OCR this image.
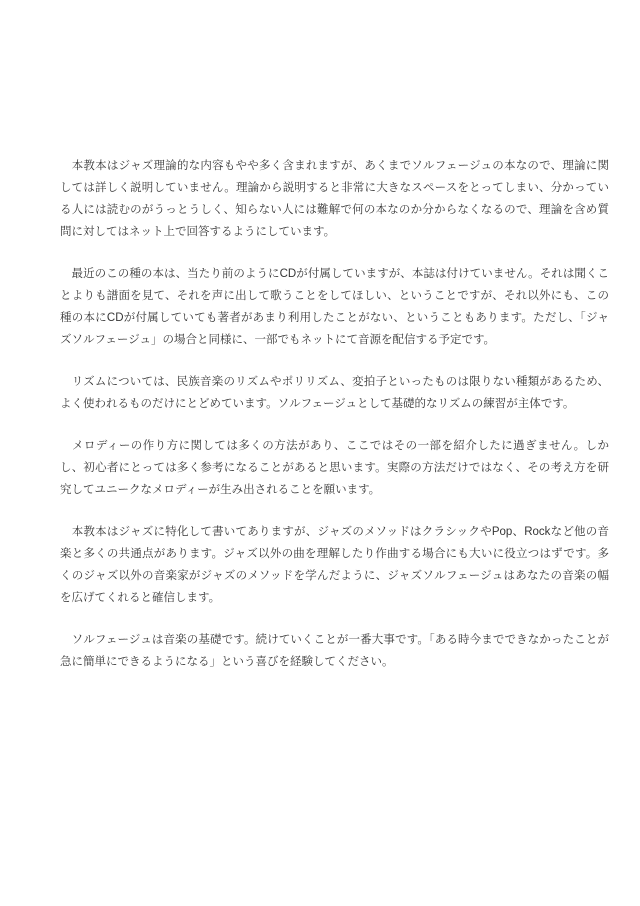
　本教本はジャズ理論的な内容もやや多く含まれますが、あくまでソルフェージュの本なので、理論に関しては詳しく説明していません。理論から説明すると非常に大きなスペースをとってしまい、分かっている人には読むのがうっとうしく、知らない人には難解で何の本なのか分からなくなるので、理論を含め質問に対してはネット上で回答するようにしています。

　最近のこの種の本は、当たり前のようにCDが付属していますが、本誌は付けていません。それは聞くことよりも譜面を見て、それを声に出して歌うことをしてほしい、ということですが、それ以外にも、この種の本にCDが付属していても著者があまり利用したことがない、ということもあります。ただし、「ジャズソルフェージュ」の場合と同様に、一部でもネットにて音源を配信する予定です。

　リズムについては、民族音楽のリズムやポリリズム、変拍子といったものは限りない種類があるため、よく使われるものだけにとどめています。ソルフェージュとして基礎的なリズムの練習が主体です。

　メロディーの作り方に関しては多くの方法があり、ここではその一部を紹介したに過ぎません。しかし、初心者にとっては多く参考になることがあると思います。実際の方法だけではなく、その考え方を研究してユニークなメロディーが生み出されることを願います。

　本教本はジャズに特化して書いてありますが、ジャズのメソッドはクラシックやPop、Rockなど他の音楽と多くの共通点があります。ジャズ以外の曲を理解したり作曲する場合にも大いに役立つはずです。多くのジャズ以外の音楽家がジャズのメソッドを学んだように、ジャズソルフェージュはあなたの音楽の幅を広げてくれると確信します。

　ソルフェージュは音楽の基礎です。続けていくことが一番大事です。「ある時今までできなかったことが急に簡単にできるようになる」という喜びを経験してください。
